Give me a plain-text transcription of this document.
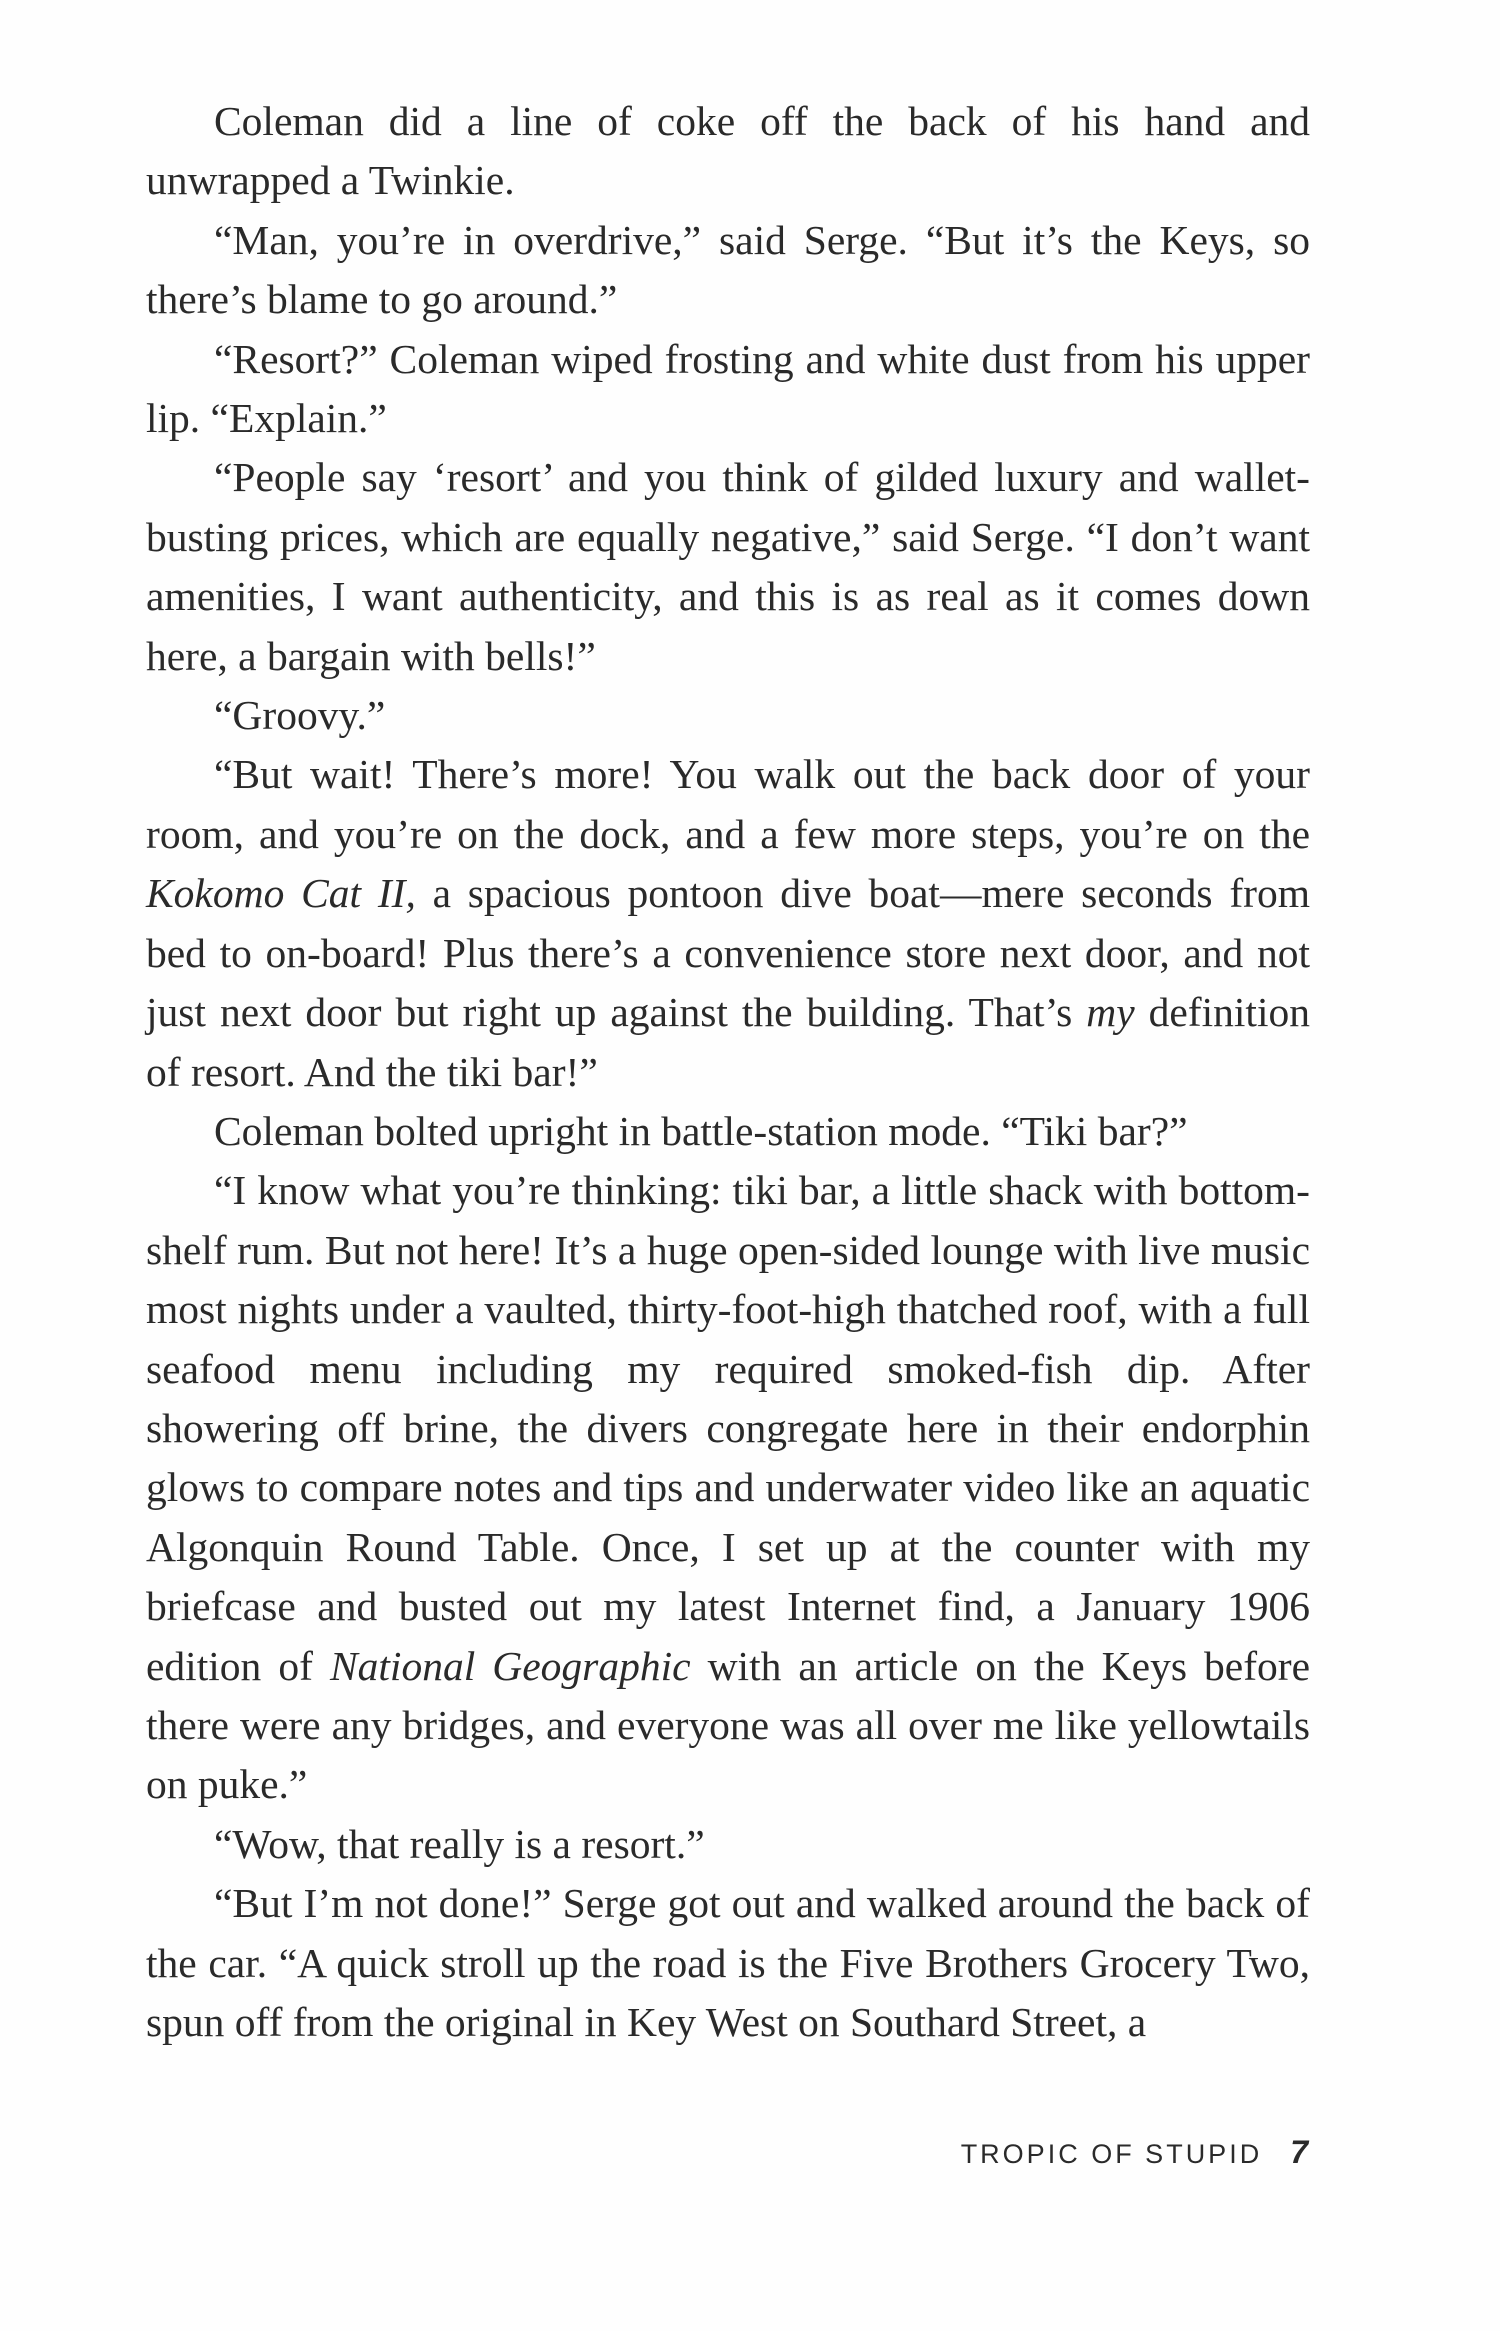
Coleman did a line of coke off the back of his hand and unwrapped a Twinkie.

“Man, you’re in overdrive,” said Serge. “But it’s the Keys, so there’s blame to go around.”

“Resort?” Coleman wiped frosting and white dust from his upper lip. “Explain.”

“People say ‘resort’ and you think of gilded luxury and wallet-busting prices, which are equally negative,” said Serge. “I don’t want amenities, I want authenticity, and this is as real as it comes down here, a bargain with bells!”

“Groovy.”

“But wait! There’s more! You walk out the back door of your room, and you’re on the dock, and a few more steps, you’re on the Kokomo Cat II, a spacious pontoon dive boat—mere seconds from bed to on-board! Plus there’s a convenience store next door, and not just next door but right up against the building. That’s my definition of resort. And the tiki bar!”

Coleman bolted upright in battle-station mode. “Tiki bar?”

“I know what you’re thinking: tiki bar, a little shack with bottom-shelf rum. But not here! It’s a huge open-sided lounge with live music most nights under a vaulted, thirty-foot-high thatched roof, with a full seafood menu including my required smoked-fish dip. After showering off brine, the divers congregate here in their endorphin glows to compare notes and tips and underwater video like an aquatic Algonquin Round Table. Once, I set up at the counter with my briefcase and busted out my latest Internet find, a January 1906 edition of National Geographic with an article on the Keys before there were any bridges, and everyone was all over me like yellowtails on puke.”

“Wow, that really is a resort.”

“But I’m not done!” Serge got out and walked around the back of the car. “A quick stroll up the road is the Five Brothers Grocery Two, spun off from the original in Key West on Southard Street, a

TROPIC OF STUPID 7
